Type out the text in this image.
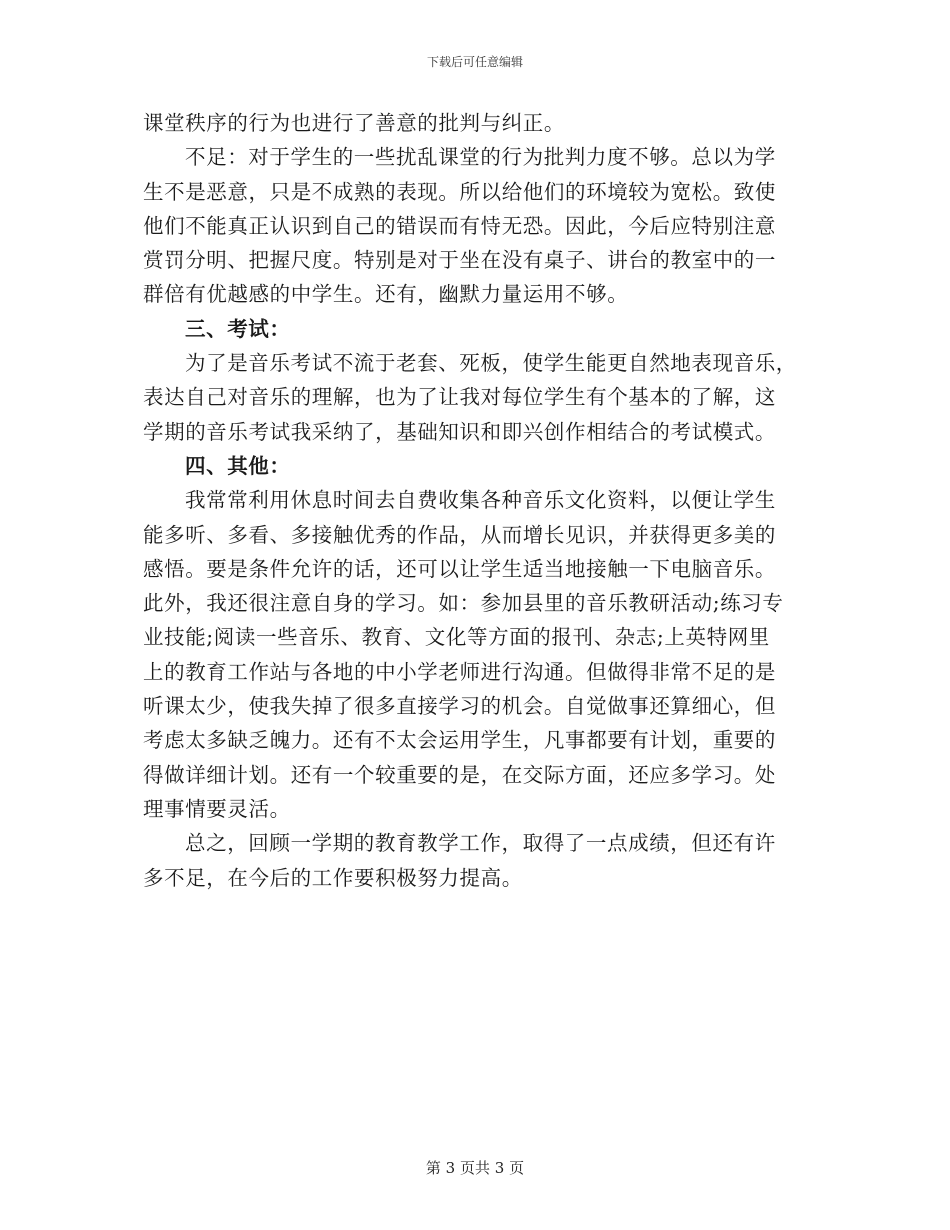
下载后可任意编辑
课堂秩序的行为也进行了善意的批判与纠正。
不足：对于学生的一些扰乱课堂的行为批判力度不够。总以为学
生不是恶意，只是不成熟的表现。所以给他们的环境较为宽松。致使
他们不能真正认识到自己的错误而有恃无恐。因此，今后应特别注意
赏罚分明、把握尺度。特别是对于坐在没有桌子、讲台的教室中的一
群倍有优越感的中学生。还有，幽默力量运用不够。
三、考试：
为了是音乐考试不流于老套、死板，使学生能更自然地表现音乐，
表达自己对音乐的理解，也为了让我对每位学生有个基本的了解，这
学期的音乐考试我采纳了，基础知识和即兴创作相结合的考试模式。
四、其他：
我常常利用休息时间去自费收集各种音乐文化资料，以便让学生
能多听、多看、多接触优秀的作品，从而增长见识，并获得更多美的
感悟。要是条件允许的话，还可以让学生适当地接触一下电脑音乐。
此外，我还很注意自身的学习。如：参加县里的音乐教研活动;练习专
业技能;阅读一些音乐、教育、文化等方面的报刊、杂志;上英特网里
上的教育工作站与各地的中小学老师进行沟通。但做得非常不足的是
听课太少，使我失掉了很多直接学习的机会。自觉做事还算细心，但
考虑太多缺乏魄力。还有不太会运用学生，凡事都要有计划，重要的
得做详细计划。还有一个较重要的是，在交际方面，还应多学习。处
理事情要灵活。
总之，回顾一学期的教育教学工作，取得了一点成绩，但还有许
多不足，在今后的工作要积极努力提高。
第 3 页共 3 页
